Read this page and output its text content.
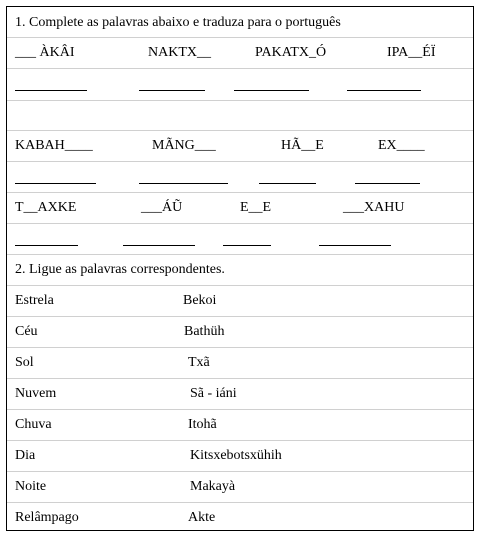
1. Complete as palavras abaixo e traduza para o português
___ ÀKÂI	NAKTX__	PAKATX_Ó	IPA__ÉÏ
KABAH____	MÃNG___	HÃ__E	EX____
T__AXKE	___ÁŨ	E__E	___XAHU
2. Ligue as palavras correspondentes.
Estrela	Bekoi
Céu	Bathüh
Sol	Txã
Nuvem	Sã - iáni
Chuva	Itohã
Dia	Kitsxebotsxühih
Noite	Makayà
Relâmpago	Akte
